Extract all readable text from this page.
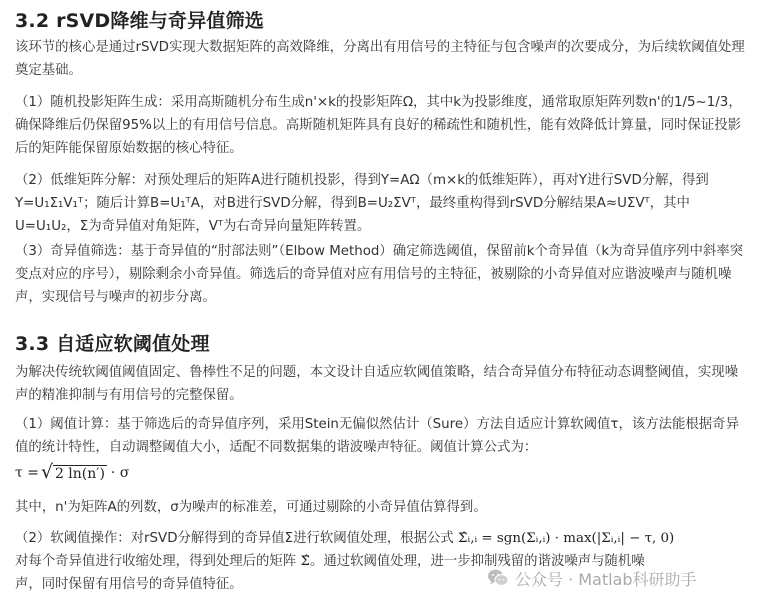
3.2 rSVD降维与奇异值筛选

该环节的核心是通过rSVD实现大数据矩阵的高效降维，分离出有用信号的主特征与包含噪声的次要成分，为后续软阈值处理奠定基础。

（1）随机投影矩阵生成：采用高斯随机分布生成n'×k的投影矩阵Ω，其中k为投影维度，通常取原矩阵列数n'的1/5~1/3，确保降维后仍保留95%以上的有用信号信息。高斯随机矩阵具有良好的稀疏性和随机性，能有效降低计算量，同时保证投影后的矩阵能保留原始数据的核心特征。

（2）低维矩阵分解：对预处理后的矩阵A进行随机投影，得到Y=AΩ（m×k的低维矩阵），再对Y进行SVD分解，得到Y=U₁Σ₁V₁ᵀ；随后计算B=U₁ᵀA，对B进行SVD分解，得到B=U₂ΣVᵀ，最终重构得到rSVD分解结果A≈UΣVᵀ，其中U=U₁U₂，Σ为奇异值对角矩阵，Vᵀ为右奇异向量矩阵转置。

（3）奇异值筛选：基于奇异值的“肘部法则”（Elbow Method）确定筛选阈值，保留前k个奇异值（k为奇异值序列中斜率突变点对应的序号），剔除剩余小奇异值。筛选后的奇异值对应有用信号的主特征，被剔除的小奇异值对应谐波噪声与随机噪声，实现信号与噪声的初步分离。

3.3 自适应软阈值处理

为解决传统软阈值阈值固定、鲁棒性不足的问题，本文设计自适应软阈值策略，结合奇异值分布特征动态调整阈值，实现噪声的精准抑制与有用信号的完整保留。

（1）阈值计算：基于筛选后的奇异值序列，采用Stein无偏似然估计（Sure）方法自适应计算软阈值τ，该方法能根据奇异值的统计特性，自动调整阈值大小，适配不同数据集的谐波噪声特征。阈值计算公式为：

τ =
√	2 ln(n′) · σ

其中，n'为矩阵A的列数，σ为噪声的标准差，可通过剔除的小奇异值估算得到。

（2）软阈值操作：对rSVD分解得到的奇异值Σ进行软阈值处理，根据公式 Σ̂ᵢ,ᵢ = sgn(Σᵢ,ᵢ) · max(|Σᵢ,ᵢ| − τ, 0)
对每个奇异值进行收缩处理，得到处理后的矩阵 Σ̂。通过软阈值处理，进一步抑制残留的谐波噪声与随机噪
声，同时保留有用信号的奇异值特征。	公众号 · Matlab科研助手
